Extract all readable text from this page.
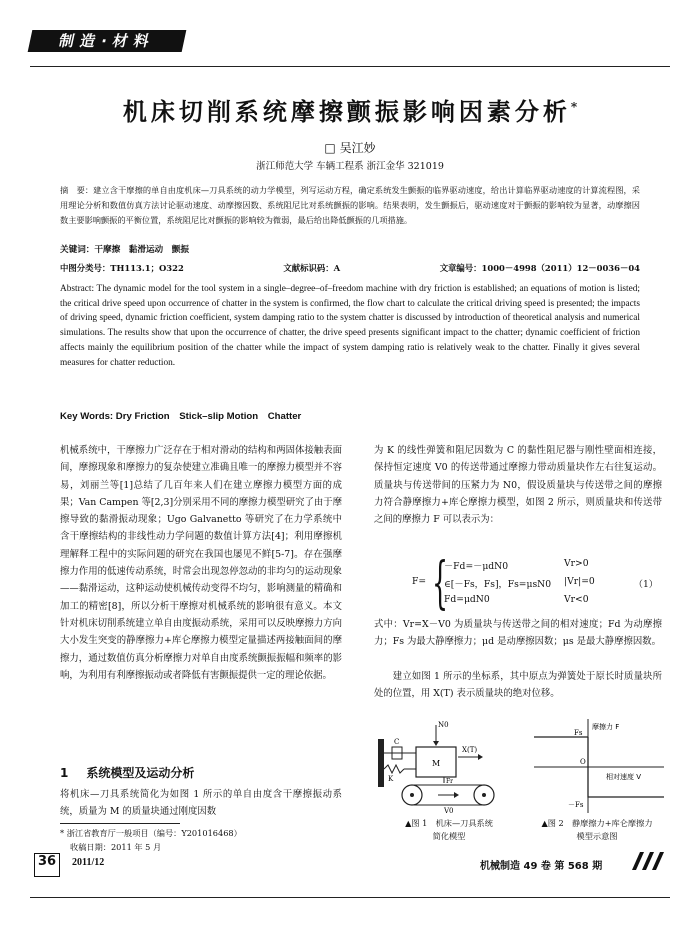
制造·材料
机床切削系统摩擦颤振影响因素分析*
□ 吴江妙
浙江师范大学 车辆工程系 浙江金华 321019
摘　要：建立含干摩擦的单自由度机床—刀具系统的动力学模型，列写运动方程，确定系统发生颤振的临界驱动速度，给出计算临界驱动速度的计算流程图，采用理论分析和数值仿真方法讨论驱动速度、动摩擦因数、系统阻尼比对系统颤振的影响。结果表明，发生颤振后，驱动速度对于颤振的影响较为显著，动摩擦因数主要影响颤振的平衡位置，系统阻尼比对颤振的影响较为微弱，最后给出降低颤振的几项措施。
关键词：干摩擦　黏滑运动　颤振
中图分类号：TH113.1；O322	文献标识码：A	文章编号：1000－4998（2011）12－0036－04
Abstract: The dynamic model for the tool system in a single–degree–of–freedom machine with dry friction is established; an equations of motion is listed; the critical drive speed upon occurrence of chatter in the system is confirmed, the flow chart to calculate the critical driving speed is presented; the impacts of driving speed, dynamic friction coefficient, system damping ratio to the system chatter is discussed by introduction of theoretical analysis and numerical simulations. The results show that upon the occurrence of chatter, the drive speed presents significant impact to the chatter; dynamic coefficient of friction affects mainly the equilibrium position of the chatter while the impact of system damping ratio is relatively weak to the chatter. Finally it gives several measures for chatter reduction.
Key Words: Dry Friction　Stick–slip Motion　Chatter
机械系统中，干摩擦力广泛存在于相对滑动的结构和两固体接触表面间，摩擦现象和摩擦力的复杂使建立准确且唯一的摩擦力模型并不容易，刘丽兰等[1]总结了几百年来人们在建立摩擦力模型方面的成果；Van Campen 等[2,3]分别采用不同的摩擦力模型研究了由于摩擦导致的黏滑振动现象；Ugo Galvanetto 等研究了在力学系统中含干摩擦结构的非线性动力学问题的数值计算方法[4]；利用摩擦机理解释工程中的实际问题的研究在我国也屡见不鲜[5-7]。存在强摩擦力作用的低速传动系统，时常会出现忽停忽动的非均匀的运动现象——黏滑运动，这种运动使机械传动变得不均匀，影响测量的精确和加工的精密[8]，所以分析干摩擦对机械系统的影响很有意义。本文针对机床切削系统建立单自由度振动系统，采用可以反映摩擦力方向大小发生突变的静摩擦力+库仑摩擦力模型定量描述两接触面间的摩擦力，通过数值仿真分析摩擦力对单自由度系统颤振振幅和频率的影响，为利用有利摩擦振动或者降低有害颤振提供一定的理论依据。
1 系统模型及运动分析
将机床—刀具系统简化为如图 1 所示的单自由度含干摩擦振动系统，质量为 M 的质量块通过刚度因数
* 浙江省教育厅一般项目（编号：Y201016468）
收稿日期：2011 年 5 月
为 K 的线性弹簧和阻尼因数为 C 的黏性阻尼器与刚性壁面相连接，保持恒定速度 V0 的传送带通过摩擦力带动质量块作左右往复运动。质量块与传送带间的压紧力为 N0，假设质量块与传送带之间的摩擦力符合静摩擦力+库仑摩擦力模型，如图 2 所示，则质量块和传送带之间的摩擦力 F 可以表示为：
F= {
－Fd=－μdN0	Vr>0
∈[－Fs，Fs]，Fs=μsN0 |Vr|=0
Fd=μdN0	Vr<0
（1）
式中：Vr=X－V0 为质量块与传送带之间的相对速度；Fd 为动摩擦力；Fs 为最大静摩擦力；μd 是动摩擦因数；μs 是最大静摩擦因数。
建立如图 1 所示的坐标系，其中原点为弹簧处于原长时质量块所处的位置，用 X(T) 表示质量块的绝对位移。
N0
C
K
M
X(T)
Fr
V0
摩擦力 F
Fs
O
相对速度 V
－Fs
▲图 1　机床—刀具系统
简化模型
▲图 2　静摩擦力+库仑摩擦力
模型示意图
36	2011/12	机械制造 49 卷 第 568 期
